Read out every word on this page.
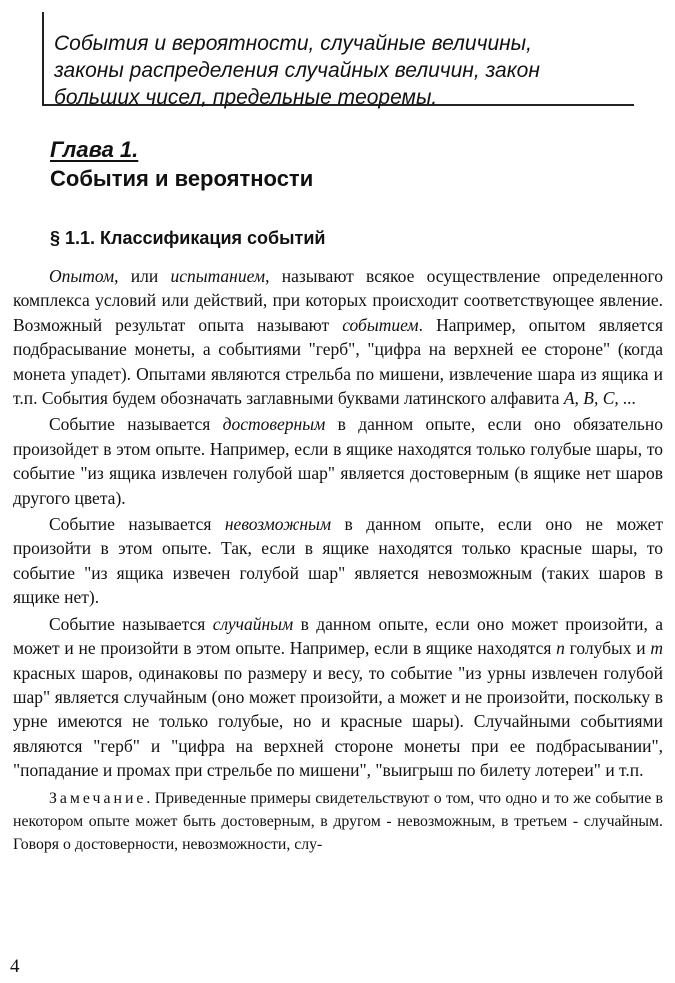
События и вероятности, случайные величины,
законы распределения случайных величин, закон
больших чисел, предельные теоремы.
Глава 1.
События и вероятности
§ 1.1. Классификация событий

Опытом, или испытанием, называют всякое осуществление определенного комплекса условий или действий, при которых происходит соответствующее явление. Возможный результат опыта называют событием. Например, опытом является подбрасывание монеты, а событиями "герб", "цифра на верхней ее стороне" (когда монета упадет). Опытами являются стрельба по мишени, извлечение шара из ящика и т.п. События будем обозначать заглавными буквами латинского алфавита A, B, C, ...

Событие называется достоверным в данном опыте, если оно обязательно произойдет в этом опыте. Например, если в ящике находятся только голубые шары, то событие "из ящика извлечен голубой шар" является достоверным (в ящике нет шаров другого цвета).

Событие называется невозможным в данном опыте, если оно не может произойти в этом опыте. Так, если в ящике находятся только красные шары, то событие "из ящика извечен голубой шар" является невозможным (таких шаров в ящике нет).

Событие называется случайным в данном опыте, если оно может произойти, а может и не произойти в этом опыте. Например, если в ящике находятся n голубых и m красных шаров, одинаковы по размеру и весу, то событие "из урны извлечен голубой шар" является случайным (оно может произойти, а может и не произойти, поскольку в урне имеются не только голубые, но и красные шары). Случайными событиями являются "герб" и "цифра на верхней стороне монеты при ее подбрасывании", "попадание и промах при стрельбе по мишени", "выигрыш по билету лотереи" и т.п.

Замечание. Приведенные примеры свидетельствуют о том, что одно и то же событие в некотором опыте может быть достоверным, в другом - невозможным, в третьем - случайным. Говоря о достоверности, невозможности, слу-

4
